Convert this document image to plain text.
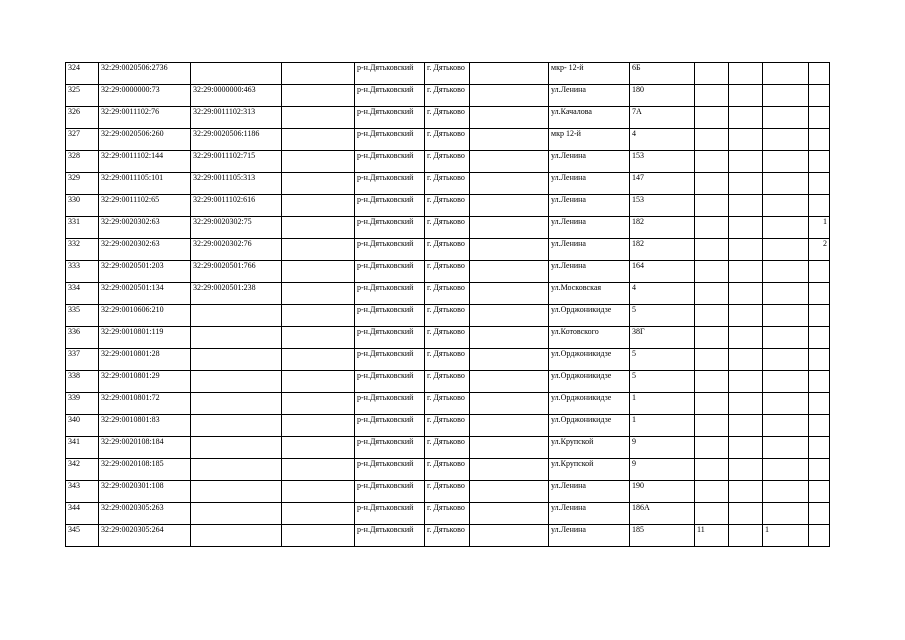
324	32:29:0020506:2736			р-н.Дятьковский	г. Дятьково		мкр- 12-й	6Б				
325	32:29:0000000:73	32:29:0000000:463		р-н.Дятьковский	г. Дятьково		ул.Ленина	180				
326	32:29:0011102:76	32:29:0011102:313		р-н.Дятьковский	г. Дятьково		ул.Качалова	7А				
327	32:29:0020506:260	32:29:0020506:1186		р-н.Дятьковский	г. Дятьково		мкр 12-й	4				
328	32:29:0011102:144	32:29:0011102:715		р-н.Дятьковский	г. Дятьково		ул.Ленина	153				
329	32:29:0011105:101	32:29:0011105:313		р-н.Дятьковский	г. Дятьково		ул.Ленина	147				
330	32:29:0011102:65	32:29:0011102:616		р-н.Дятьковский	г. Дятьково		ул.Ленина	153				
331	32:29:0020302:63	32:29:0020302:75		р-н.Дятьковский	г. Дятьково		ул.Ленина	182				1
332	32:29:0020302:63	32:29:0020302:76		р-н.Дятьковский	г. Дятьково		ул.Ленина	182				2
333	32:29:0020501:203	32:29:0020501:766		р-н.Дятьковский	г. Дятьково		ул.Ленина	164				
334	32:29:0020501:134	32:29:0020501:238		р-н.Дятьковский	г. Дятьково		ул.Московская	4				
335	32:29:0010606:210			р-н.Дятьковский	г. Дятьково		ул.Орджоникидзе	5				
336	32:29:0010801:119			р-н.Дятьковский	г. Дятьково		ул.Котовского	38Г				
337	32:29:0010801:28			р-н.Дятьковский	г. Дятьково		ул.Орджоникидзе	5				
338	32:29:0010801:29			р-н.Дятьковский	г. Дятьково		ул.Орджоникидзе	5				
339	32:29:0010801:72			р-н.Дятьковский	г. Дятьково		ул.Орджоникидзе	1				
340	32:29:0010801:83			р-н.Дятьковский	г. Дятьково		ул.Орджоникидзе	1				
341	32:29:0020108:184			р-н.Дятьковский	г. Дятьково		ул.Крупской	9				
342	32:29:0020108:185			р-н.Дятьковский	г. Дятьково		ул.Крупской	9				
343	32:29:0020301:108			р-н.Дятьковский	г. Дятьково		ул.Ленина	190				
344	32:29:0020305:263			р-н.Дятьковский	г. Дятьково		ул.Ленина	186А				
345	32:29:0020305:264			р-н.Дятьковский	г. Дятьково		ул.Ленина	185	11		1	
